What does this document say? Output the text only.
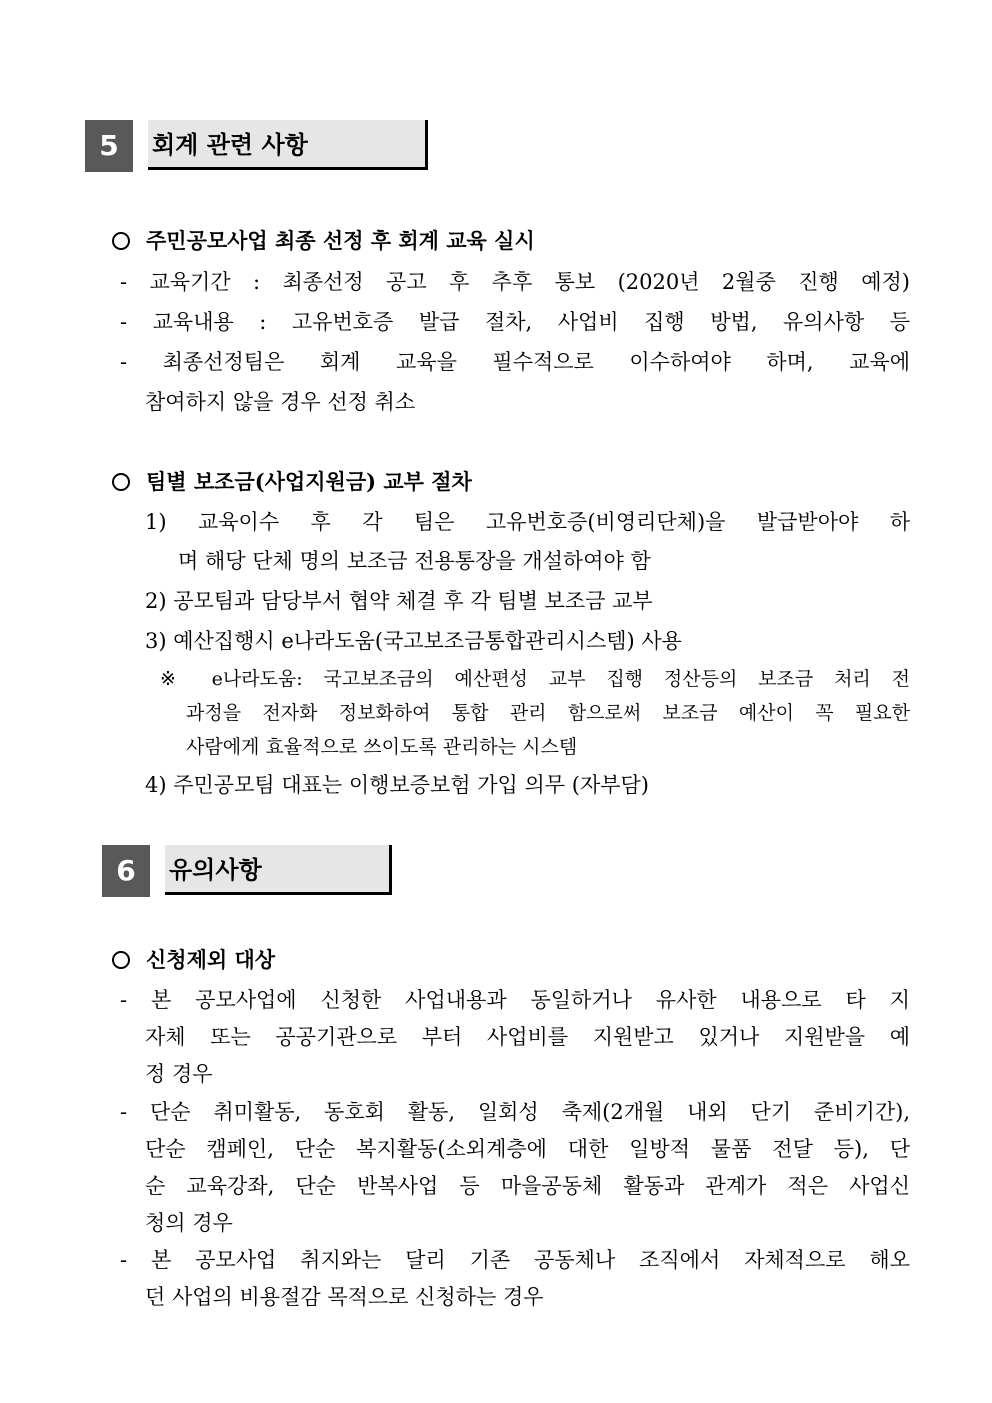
5	회계 관련 사항
주민공모사업 최종 선정 후 회계 교육 실시
- 교육기간 : 최종선정 공고 후 추후 통보 (2020년 2월중 진행 예정)
- 교육내용 : 고유번호증 발급 절차, 사업비 집행 방법, 유의사항 등
- 최종선정팀은 회계 교육을 필수적으로 이수하여야 하며, 교육에
참여하지 않을 경우 선정 취소
팀별 보조금(사업지원금) 교부 절차
1) 교육이수 후 각 팀은 고유번호증(비영리단체)을 발급받아야 하
며 해당 단체 명의 보조금 전용통장을 개설하여야 함
2) 공모팀과 담당부서 협약 체결 후 각 팀별 보조금 교부
3) 예산집행시 e나라도움(국고보조금통합관리시스템) 사용
※ e나라도움: 국고보조금의 예산편성 교부 집행 정산등의 보조금 처리 전
과정을 전자화 정보화하여 통합 관리 함으로써 보조금 예산이 꼭 필요한
사람에게 효율적으로 쓰이도록 관리하는 시스템
4) 주민공모팀 대표는 이행보증보험 가입 의무 (자부담)
6	유의사항
신청제외 대상
- 본 공모사업에 신청한 사업내용과 동일하거나 유사한 내용으로 타 지
자체 또는 공공기관으로 부터 사업비를 지원받고 있거나 지원받을 예
정 경우
- 단순 취미활동, 동호회 활동, 일회성 축제(2개월 내외 단기 준비기간),
단순 캠페인, 단순 복지활동(소외계층에 대한 일방적 물품 전달 등), 단
순 교육강좌, 단순 반복사업 등 마을공동체 활동과 관계가 적은 사업신
청의 경우
- 본 공모사업 취지와는 달리 기존 공동체나 조직에서 자체적으로 해오
던 사업의 비용절감 목적으로 신청하는 경우
